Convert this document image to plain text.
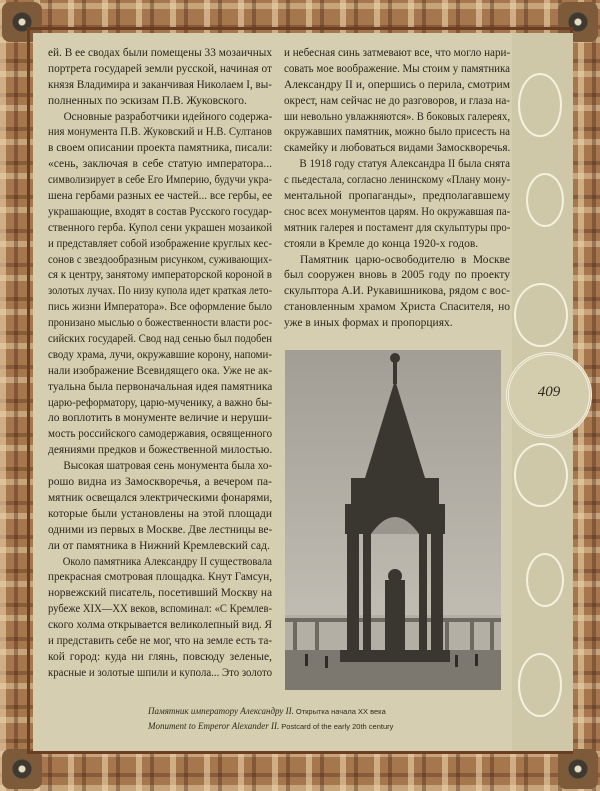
409
ей. В ее сводах были помещены 33 мозаичных
портрета государей земли русской, начиная от
князя Владимира и заканчивая Николаем I, вы-
полненных по эскизам П.В. Жуковского.
Основные разработчики идейного содержа-
ния монумента П.В. Жуковский и Н.В. Султанов
в своем описании проекта памятника, писали:
«сень, заключая в себе статую императора...
символизирует в себе Его Империю, будучи укра-
шена гербами разных ее частей... все гербы, ее
украшающие, входят в состав Русского государ-
ственного герба. Купол сени украшен мозаикой
и представляет собой изображение круглых кес-
сонов с звездообразным рисунком, суживающих-
ся к центру, занятому императорской короной в
золотых лучах. По низу купола идет краткая лето-
пись жизни Императора». Все оформление было
пронизано мыслью о божественности власти рос-
сийских государей. Свод над сенью был подобен
своду храма, лучи, окружавшие корону, напоми-
нали изображение Всевидящего ока. Уже не ак-
туальна была первоначальная идея памятника
царю-реформатору, царю-мученику, а важно бы-
ло воплотить в монументе величие и неруши-
мость российского самодержавия, освященного
деяниями предков и божественной милостью.
Высокая шатровая сень монумента была хо-
рошо видна из Замоскворечья, а вечером па-
мятник освещался электрическими фонарями,
которые были установлены на этой площади
одними из первых в Москве. Две лестницы ве-
ли от памятника в Нижний Кремлевский сад.
Около памятника Александру II существовала
прекрасная смотровая площадка. Кнут Гамсун,
норвежский писатель, посетивший Москву на
рубеже XIX—XX веков, вспоминал: «С Кремлев-
ского холма открывается великолепный вид. Я
и представить себе не мог, что на земле есть та-
кой город: куда ни глянь, повсюду зеленые,
красные и золотые шпили и купола... Это золото
и небесная синь затмевают все, что могло нари-
совать мое воображение. Мы стоим у памятника
Александру II и, опершись о перила, смотрим
окрест, нам сейчас не до разговоров, и глаза на-
ши невольно увлажняются». В боковых галереях,
окружавших памятник, можно было присесть на
скамейку и любоваться видами Замоскворечья.
В 1918 году статуя Александра II была снята
с пьедестала, согласно ленинскому «Плану мону-
ментальной пропаганды», предполагавшему
снос всех монументов царям. Но окружавшая па-
мятник галерея и постамент для скульптуры про-
стояли в Кремле до конца 1920-х годов.
Памятник царю-освободителю в Москве
был сооружен вновь в 2005 году по проекту
скульптора А.И. Рукавишникова, рядом с вос-
становленным храмом Христа Спасителя, но
уже в иных формах и пропорциях.
Памятник императору Александру II. Открытка начала XX века
Monument to Emperor Alexander II. Postcard of the early 20th century
